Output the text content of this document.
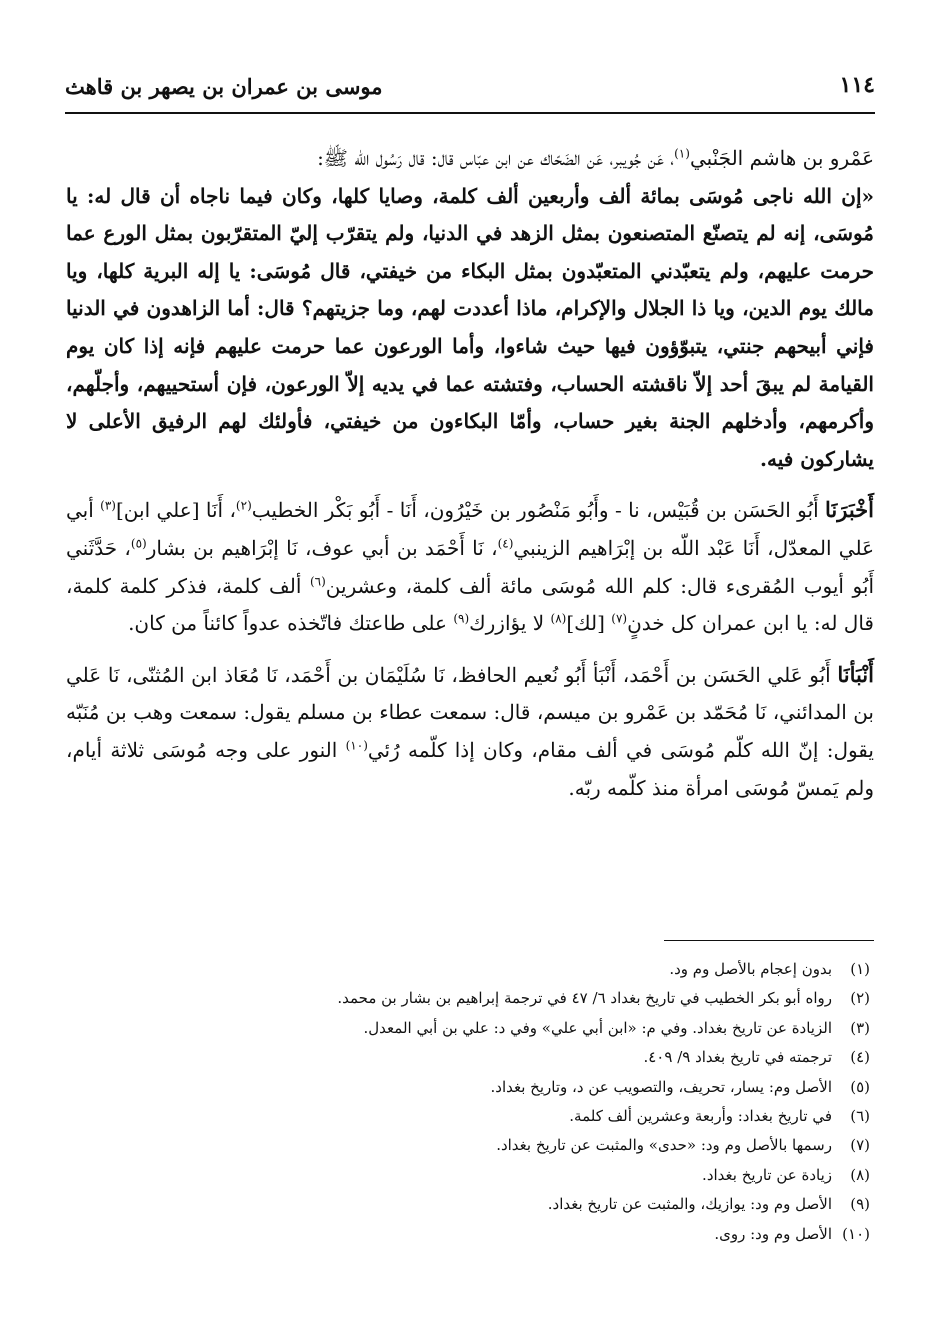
١١٤
موسى بن عمران بن يصهر بن قاهث

عَمْرو بن هاشم الجَنْبي$^{(١)}$، عَن جُويبر، عَن الضَحّاك عن ابن عبّاس قال: قال رَسُول الله ﷺ:

«إن الله ناجى مُوسَى بمائة ألف وأربعين ألف كلمة، وصايا كلها، وكان فيما ناجاه أن قال له: يا مُوسَى، إنه لم يتصنّع المتصنعون بمثل الزهد في الدنيا، ولم يتقرّب إليّ المتقرّبون بمثل الورع عما حرمت عليهم، ولم يتعبّدني المتعبّدون بمثل البكاء من خيفتي، قال مُوسَى: يا إله البرية كلها، ويا مالك يوم الدين، ويا ذا الجلال والإكرام، ماذا أعددت لهم، وما جزيتهم؟ قال: أما الزاهدون في الدنيا فإني أبيحهم جنتي، يتبوّؤون فيها حيث شاءوا، وأما الورعون عما حرمت عليهم فإنه إذا كان يوم القيامة لم يبقَ أحد إلاّ ناقشته الحساب، وفتشته عما في يديه إلاّ الورعون، فإن أستحييهم، وأجلّهم، وأكرمهم، وأدخلهم الجنة بغير حساب، وأمّا البكاءون من خيفتي، فأولئك لهم الرفيق الأعلى لا يشاركون فيه.

أَخْبَرَنَا أَبُو الحَسَن بن قُبَيْس، نا - وأَبُو مَنْصُور بن خَيْرُون، أَنَا - أَبُو بَكْر الخطيب$^{(٢)}$، أَنَا [علي ابن]$^{(٣)}$ أبي عَلي المعدّل، أَنَا عَبْد اللّه بن إبْرَاهيم الزينبي$^{(٤)}$، نَا أَحْمَد بن أبي عوف، نَا إبْرَاهيم بن بشار$^{(٥)}$، حَدَّثَني أَبُو أيوب المُقرىء قال: كلم الله مُوسَى مائة ألف كلمة، وعشرين$^{(٦)}$ ألف كلمة، فذكر كلمة كلمة، قال له: يا ابن عمران كل خدنٍ$^{(٧)}$ [لك]$^{(٨)}$ لا يؤازرك$^{(٩)}$ على طاعتك فاتّخذه عدواً كائناً من كان.

أَنْبَأنَا أَبُو عَلي الحَسَن بن أَحْمَد، أَنْبَأ أَبُو نُعيم الحافظ، نَا سُلَيْمَان بن أَحْمَد، نَا مُعَاذ ابن المُثنّى، نَا عَلي بن المدائني، نَا مُحَمّد بن عَمْرو بن ميسم، قال: سمعت عطاء بن مسلم يقول: سمعت وهب بن مُنَبّه يقول: إنّ الله كلّم مُوسَى في ألف مقام، وكان إذا كلّمه رُئي$^{(١٠)}$ النور على وجه مُوسَى ثلاثة أيام، ولم يَمسّ مُوسَى امرأة منذ كلّمه ربّه.

(١)
بدون إعجام بالأصل وم ود.
(٢)
رواه أبو بكر الخطيب في تاريخ بغداد ٦/ ٤٧ في ترجمة إبراهيم بن بشار بن محمد.
(٣)
الزيادة عن تاريخ بغداد. وفي م: «ابن أبي علي» وفي د: علي بن أبي المعدل.
(٤)
ترجمته في تاريخ بغداد ٩/ ٤٠٩.
(٥)
الأصل وم: يسار، تحريف، والتصويب عن د، وتاريخ بغداد.
(٦)
في تاريخ بغداد: وأربعة وعشرين ألف كلمة.
(٧)
رسمها بالأصل وم ود: «حدى» والمثبت عن تاريخ بغداد.
(٨)
زيادة عن تاريخ بغداد.
(٩)
الأصل وم ود: يوازيك، والمثبت عن تاريخ بغداد.
(١٠)
الأصل وم ود: روى.
